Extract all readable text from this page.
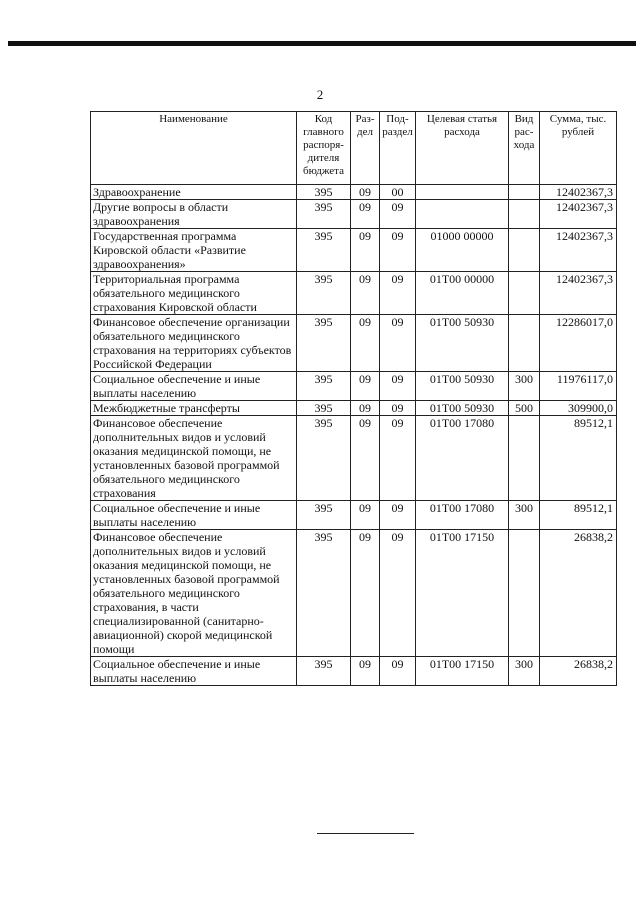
2
Наименование	Код главного распоря- дителя бюджета	Раз- дел	Под- раздел	Целевая статья расхода	Вид рас- хода	Сумма, тыс. рублей
Здравоохранение	395	09	00			12402367,3
Другие вопросы в области здравоохранения	395	09	09			12402367,3
Государственная программа Кировской области «Развитие здравоохранения»	395	09	09	01000 00000		12402367,3
Территориальная программа обязательного медицинского страхования Кировской области	395	09	09	01Т00 00000		12402367,3
Финансовое обеспечение организации обязательного медицинского страхования на территориях субъектов Российской Федерации	395	09	09	01Т00 50930		12286017,0
Социальное обеспечение и иные выплаты населению	395	09	09	01Т00 50930	300	11976117,0
Межбюджетные трансферты	395	09	09	01Т00 50930	500	309900,0
Финансовое обеспечение дополнительных видов и условий оказания медицинской помощи, не установленных базовой программой обязательного медицинского страхования	395	09	09	01Т00 17080		89512,1
Социальное обеспечение и иные выплаты населению	395	09	09	01Т00 17080	300	89512,1
Финансовое обеспечение дополнительных видов и условий оказания медицинской помощи, не установленных базовой программой обязательного медицинского страхования, в части специализированной (санитарно-авиационной) скорой медицинской помощи	395	09	09	01Т00 17150		26838,2
Социальное обеспечение и иные выплаты населению	395	09	09	01Т00 17150	300	26838,2
